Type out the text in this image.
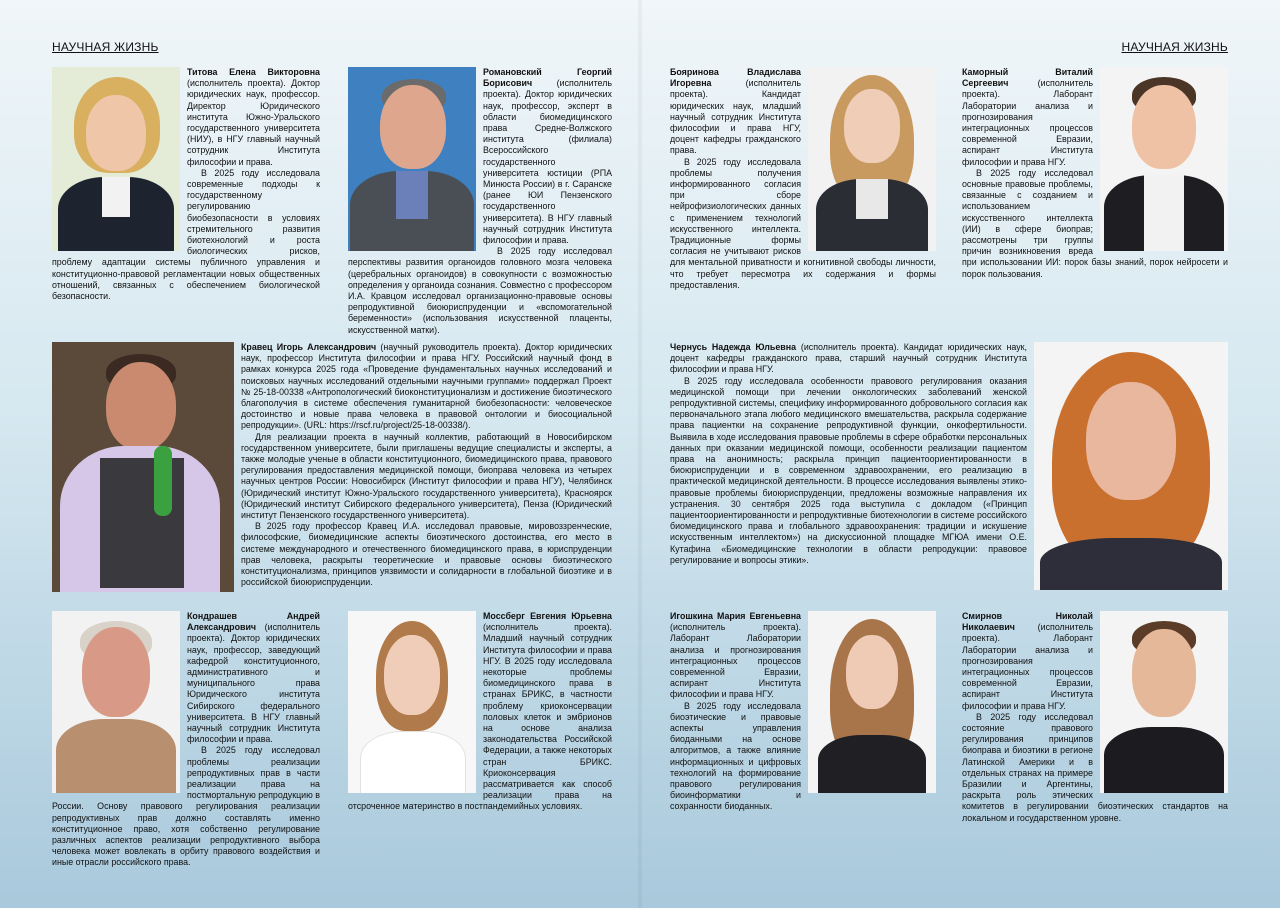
НАУЧНАЯ ЖИЗНЬ	НАУЧНАЯ ЖИЗНЬ

Титова Елена Викторовна (исполнитель проекта). Доктор юридических наук, профессор. Директор Юридического института Южно-Уральского государственного университета (НИУ), в НГУ главный научный сотрудник Института философии и права.

В 2025 году исследовала современные подходы к государственному регулированию биобезопасности в условиях стремительного развития биотехнологий и роста биологических рисков, проблему адаптации системы публичного управления и конституционно-правовой регламентации новых общественных отношений, связанных с обеспечением биологической безопасности.

Романовский Георгий Борисович	(исполнитель проекта). Доктор юридических наук, профессор, эксперт в области биомедицинского права Средне-Волжского института (филиала) Всероссийского государственного университета юстиции (РПА Минюста России) в г. Саранске (ранее ЮИ Пензенского государственного университета). В НГУ главный научный сотрудник Института философии и права.

В 2025 году исследовал перспективы развития органоидов головного мозга человека (церебральных органоидов) в совокупности с возможностью определения у органоида сознания. Совместно с профессором И.А. Кравцом исследовал организационно-правовые основы репродуктивной биоюриспруденции и «вспомогательной беременности» (использования искусственной плаценты, искусственной матки).

Бояринова Владислава Игоревна	(исполнитель проекта). Кандидат юридических наук, младший научный сотрудник Института философии и права НГУ, доцент кафедры гражданского права.

В 2025 году исследовала проблемы получения информированного согласия при сборе нейрофизиологических данных с применением технологий искусственного интеллекта. Традиционные формы согласия не учитывают рисков для ментальной приватности и когнитивной свободы личности, что требует пересмотра их содержания и формы предоставления.

Каморный Виталий Сергеевич	(исполнитель проекта). Лаборант Лаборатории анализа и прогнозирования интеграционных процессов современной Евразии, аспирант Института философии и права НГУ.

В 2025 году исследовал основные правовые проблемы, связанные с созданием и использованием искусственного интеллекта (ИИ) в сфере биоправ; рассмотрены три группы причин возникновения вреда при использовании ИИ: порок базы знаний, порок нейросети и порок пользования.

Кравец Игорь Александрович (научный руководитель проекта). Доктор юридических наук, профессор Института философии и права НГУ. Российский научный фонд в рамках конкурса 2025 года «Проведение фундаментальных научных исследований и поисковых научных исследований отдельными научными группами» поддержал Проект № 25-18-00338 «Антропологический биоконституционализм и достижение биоэтического благополучия в системе обеспечения гуманитарной биобезопасности: человеческое достоинство и новые права человека в правовой онтологии и биосоциальной репродукции». (URL: https://rscf.ru/project/25-18-00338/).

Для реализации проекта в научный коллектив, работающий в Новосибирском государственном университете, были приглашены ведущие специалисты и эксперты, а также молодые ученые в области конституционного, биомедицинского права, правового регулирования предоставления медицинской помощи, биоправа человека из четырех научных центров России: Новосибирск (Институт философии и права НГУ), Челябинск (Юридический институт Южно-Уральского государственного университета), Красноярск (Юридический институт Сибирского федерального университета), Пенза (Юридический институт Пензенского государственного университета).

В 2025 году профессор Кравец И.А. исследовал правовые, мировоззренческие, философские, биомедицинские аспекты биоэтического достоинства, его место в системе международного и отечественного биомедицинского права, в юриспруденции прав человека, раскрыты теоретические и правовые основы биоэтического конституционализма, принципов уязвимости и солидарности в глобальной биоэтике и в российской биоюриспруденции.

Чернусь Надежда Юльевна (исполнитель проекта). Кандидат юридических наук, доцент кафедры гражданского права, старший научный сотрудник Института философии и права НГУ.

В 2025 году исследовала особенности правового регулирования оказания медицинской помощи при лечении онкологических заболеваний женской репродуктивной системы, специфику информированного добровольного согласия как первоначального этапа любого медицинского вмешательства, раскрыла содержание права пациентки на сохранение репродуктивной функции, онкофертильности. Выявила в ходе исследования правовые проблемы в сфере обработки персональных данных при оказании медицинской помощи, особенности реализации пациентом права на анонимность; раскрыла принцип пациентоориентированности в биоюриспруденции и в современном здравоохранении, его реализацию в практической медицинской деятельности. В процессе исследования выявлены этико-правовые проблемы биоюриспруденции, предложены возможные направления их устранения. 30 сентября 2025 года выступила с докладом («Принцип пациентоориентированности и репродуктивные биотехнологии в системе российского биомедицинского права и глобального здравоохранения: традиции и искушение искусственным интеллектом») на дискуссионной площадке МГЮА имени О.Е. Кутафина «Биомедицинские технологии в области репродукции: правовое регулирование и вопросы этики».

Кондрашев Андрей Александрович (исполнитель проекта). Доктор юридических наук, профессор, заведующий кафедрой конституционного, административного и муниципального права Юридического института Сибирского федерального университета. В НГУ главный научный сотрудник Института философии и права.

В 2025 году исследовал проблемы реализации репродуктивных прав в части реализации права на постмортальную репродукцию в России. Основу правового регулирования реализации репродуктивных прав должно составлять именно конституционное право, хотя собственно регулирование различных аспектов реализации репродуктивного выбора человека может вовлекать в орбиту правового воздействия и иные отрасли российского права.

Моссберг Евгения Юрьевна (исполнитель проекта). Младший научный сотрудник Института философии и права НГУ. В 2025 году исследовала некоторые проблемы биомедицинского права в странах БРИКС, в частности проблему криоконсервации половых клеток и эмбрионов на основе анализа законодательства Российской Федерации, а также некоторых стран БРИКС. Криоконсервация рассматривается как способ реализации права на отсроченное материнство в постпандемийных условиях.

Игошкина Мария Евгеньевна (исполнитель проекта). Лаборант Лаборатории анализа и прогнозирования интеграционных процессов современной Евразии, аспирант Института философии и права НГУ.

В 2025 году исследовала биоэтические и правовые аспекты управления биоданными на основе алгоритмов, а также влияние информационных и цифровых технологий на формирование правового регулирования биоинформатики и сохранности биоданных.

Смирнов Николай Николаевич	(исполнитель проекта). Лаборант Лаборатории анализа и прогнозирования интеграционных процессов современной Евразии, аспирант Института философии и права НГУ.

В 2025 году исследовал состояние правового регулирования принципов биоправа и биоэтики в регионе Латинской Америки и в отдельных странах на примере Бразилии и Аргентины, раскрыта роль этических комитетов в регулировании биоэтических стандартов на локальном и государственном уровне.
